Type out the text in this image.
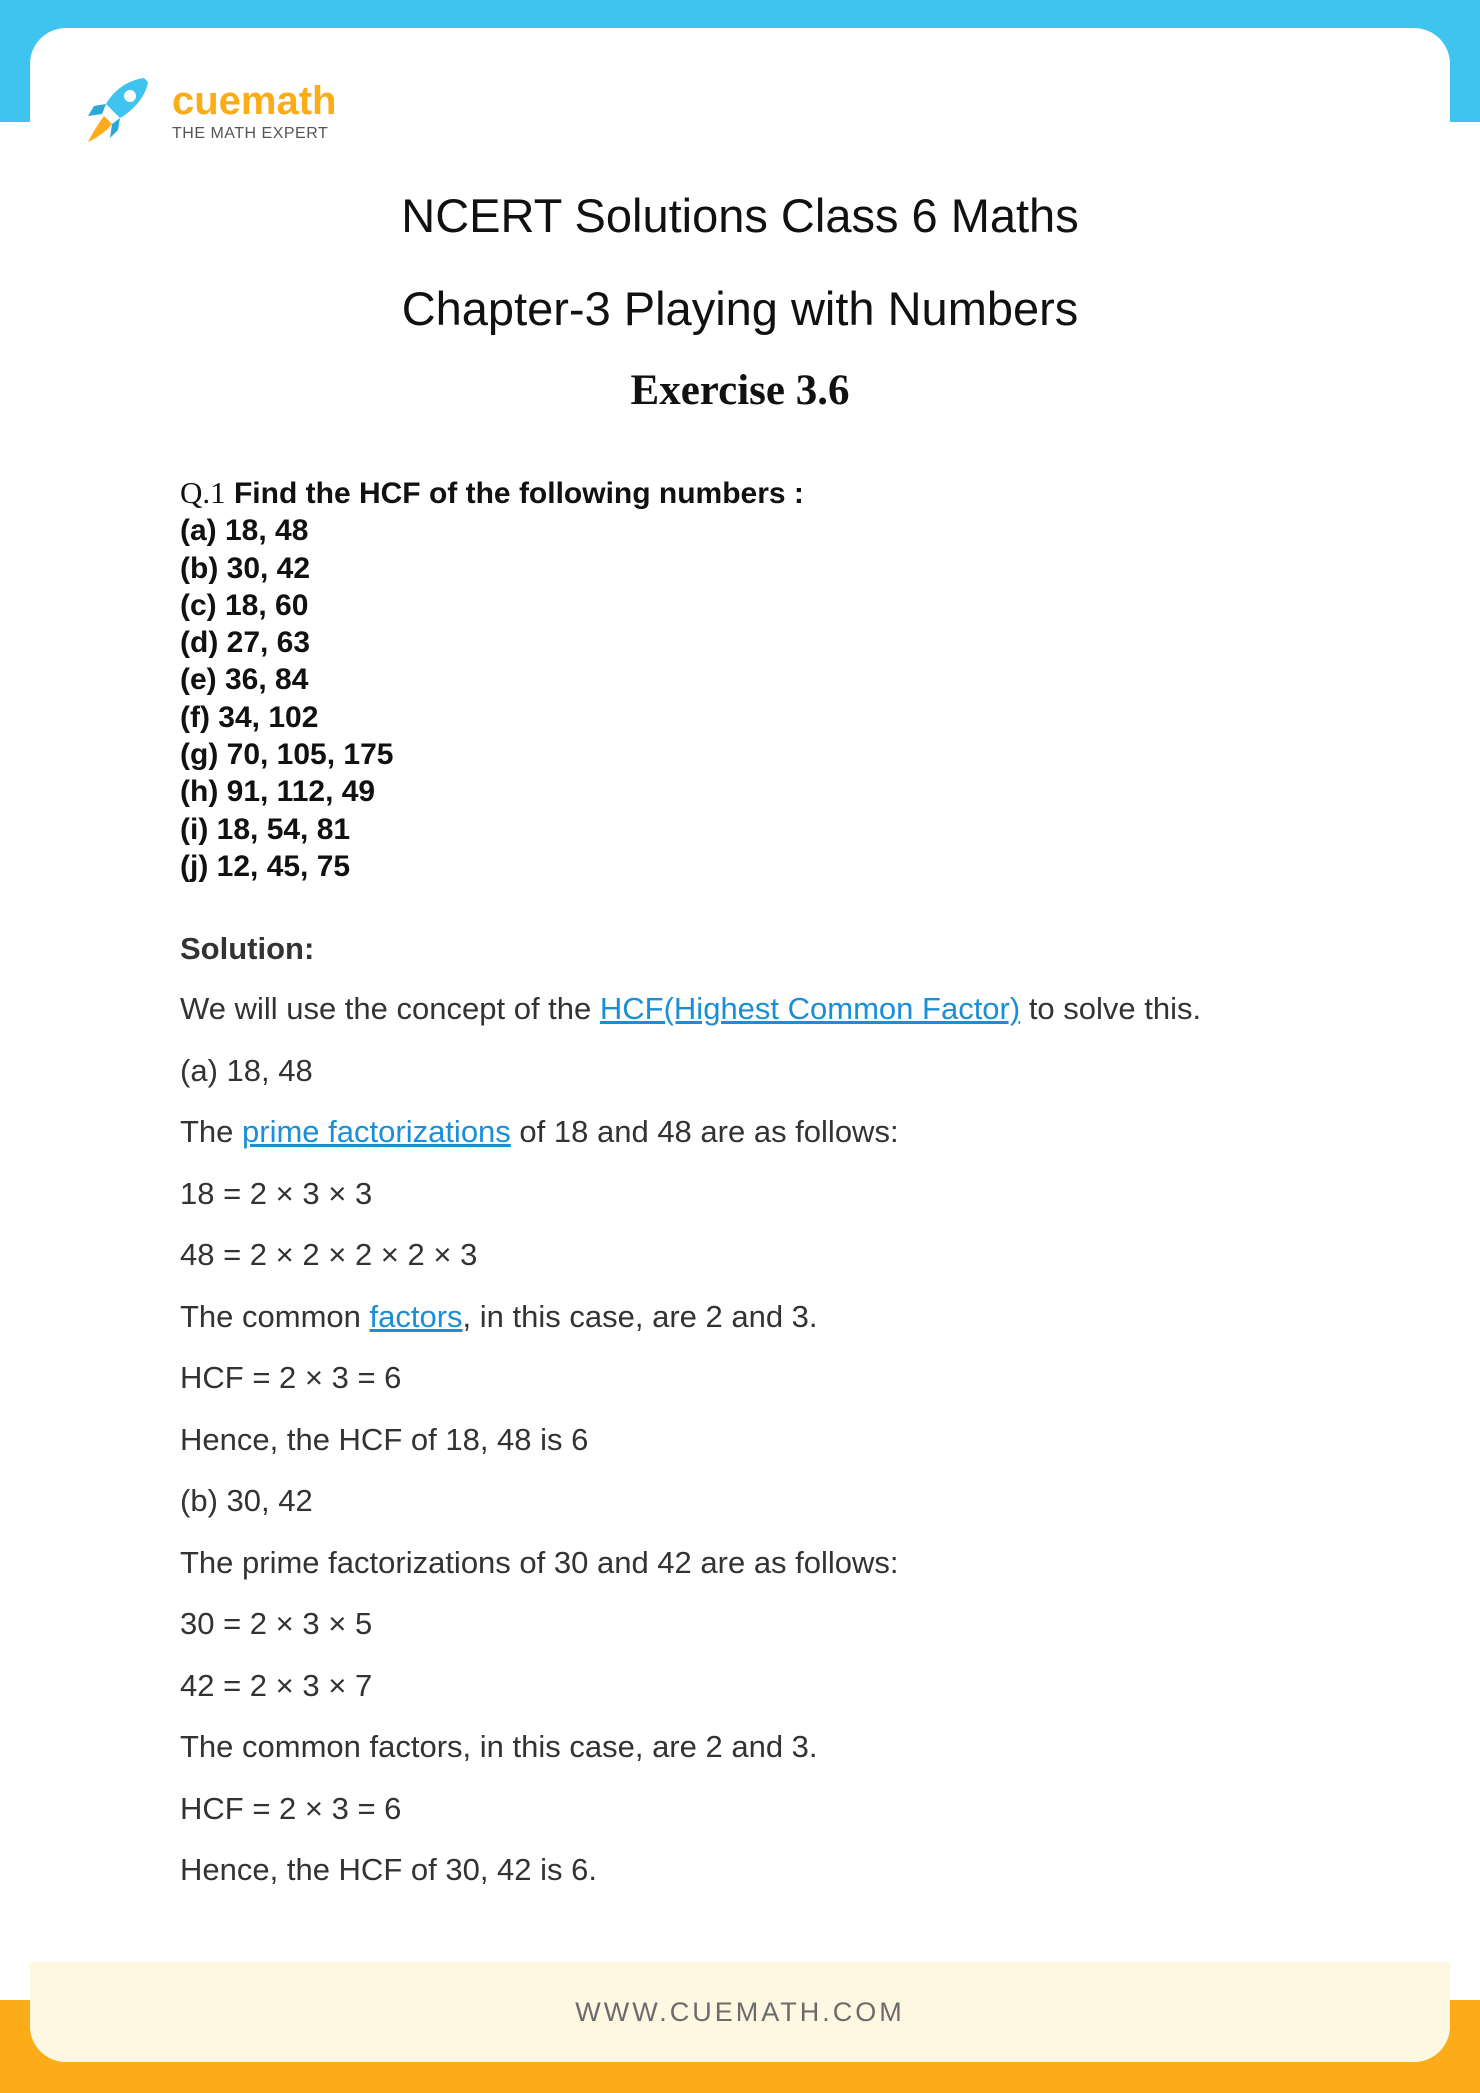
cuemath
THE MATH EXPERT
NCERT Solutions Class 6 Maths
Chapter-3 Playing with Numbers
Exercise 3.6
Q.1 Find the HCF of the following numbers :
(a) 18, 48
(b) 30, 42
(c) 18, 60
(d) 27, 63
(e) 36, 84
(f) 34, 102
(g) 70, 105, 175
(h) 91, 112, 49
(i) 18, 54, 81
(j) 12, 45, 75
Solution:
We will use the concept of the HCF(Highest Common Factor) to solve this.
(a) 18, 48
The prime factorizations of 18 and 48 are as follows:
18 = 2 × 3 × 3
48 = 2 × 2 × 2 × 2 × 3
The common factors, in this case, are 2 and 3.
HCF = 2 × 3 = 6
Hence, the HCF of 18, 48 is 6
(b) 30, 42
The prime factorizations of 30 and 42 are as follows:
30 = 2 × 3 × 5
42 = 2 × 3 × 7
The common factors, in this case, are 2 and 3.
HCF = 2 × 3 = 6
Hence, the HCF of 30, 42 is 6.
WWW.CUEMATH.COM
